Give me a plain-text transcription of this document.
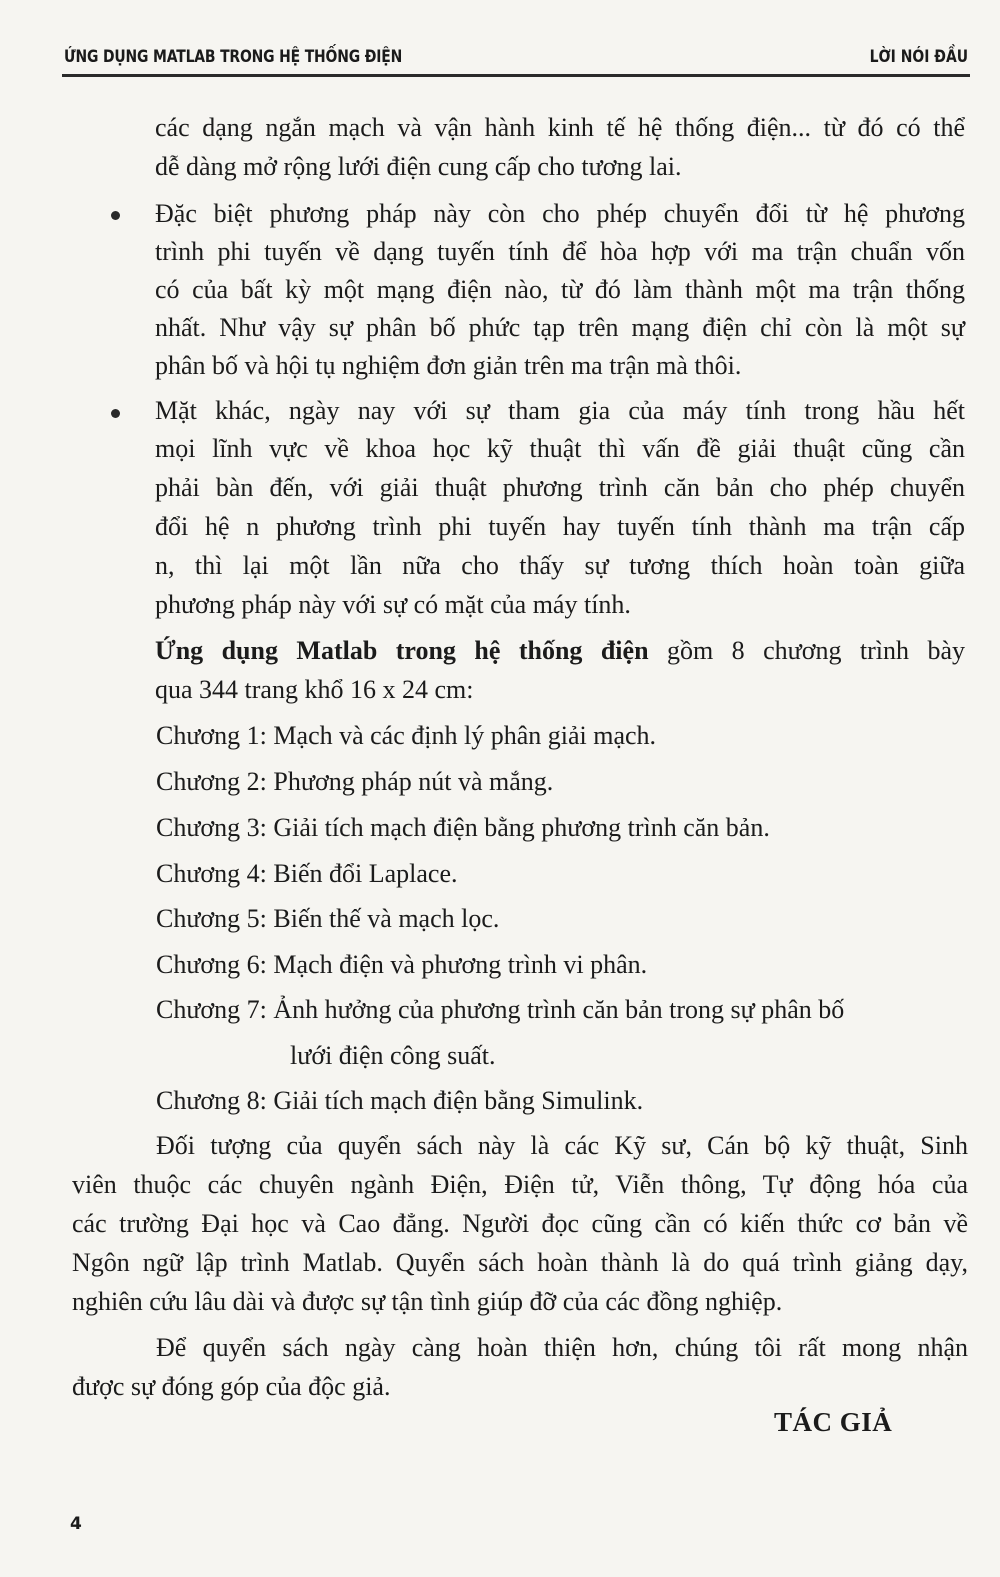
ỨNG DỤNG MATLAB TRONG HỆ THỐNG ĐIỆN	LỜI NÓI ĐẦU
các dạng ngắn mạch và vận hành kinh tế hệ thống điện... từ đó có thể
dễ dàng mở rộng lưới điện cung cấp cho tương lai.
Đặc biệt phương pháp này còn cho phép chuyển đổi từ hệ phương
trình phi tuyến về dạng tuyến tính để hòa hợp với ma trận chuẩn vốn
có của bất kỳ một mạng điện nào, từ đó làm thành một ma trận thống
nhất. Như vậy sự phân bố phức tạp trên mạng điện chỉ còn là một sự
phân bố và hội tụ nghiệm đơn giản trên ma trận mà thôi.
Mặt khác, ngày nay với sự tham gia của máy tính trong hầu hết
mọi lĩnh vực về khoa học kỹ thuật thì vấn đề giải thuật cũng cần
phải bàn đến, với giải thuật phương trình căn bản cho phép chuyển
đổi hệ n phương trình phi tuyến hay tuyến tính thành ma trận cấp
n, thì lại một lần nữa cho thấy sự tương thích hoàn toàn giữa
phương pháp này với sự có mặt của máy tính.
Ứng dụng Matlab trong hệ thống điện gồm 8 chương trình bày
qua 344 trang khổ 16 x 24 cm:
Chương 1: Mạch và các định lý phân giải mạch.
Chương 2: Phương pháp nút và mắng.
Chương 3: Giải tích mạch điện bằng phương trình căn bản.
Chương 4: Biến đổi Laplace.
Chương 5: Biến thế và mạch lọc.
Chương 6: Mạch điện và phương trình vi phân.
Chương 7: Ảnh hưởng của phương trình căn bản trong sự phân bố
lưới điện công suất.
Chương 8: Giải tích mạch điện bằng Simulink.
Đối tượng của quyển sách này là các Kỹ sư, Cán bộ kỹ thuật, Sinh
viên thuộc các chuyên ngành Điện, Điện tử, Viễn thông, Tự động hóa của
các trường Đại học và Cao đẳng. Người đọc cũng cần có kiến thức cơ bản về
Ngôn ngữ lập trình Matlab. Quyển sách hoàn thành là do quá trình giảng dạy,
nghiên cứu lâu dài và được sự tận tình giúp đỡ của các đồng nghiệp.
Để quyển sách ngày càng hoàn thiện hơn, chúng tôi rất mong nhận
được sự đóng góp của độc giả.
TÁC GIẢ
4
